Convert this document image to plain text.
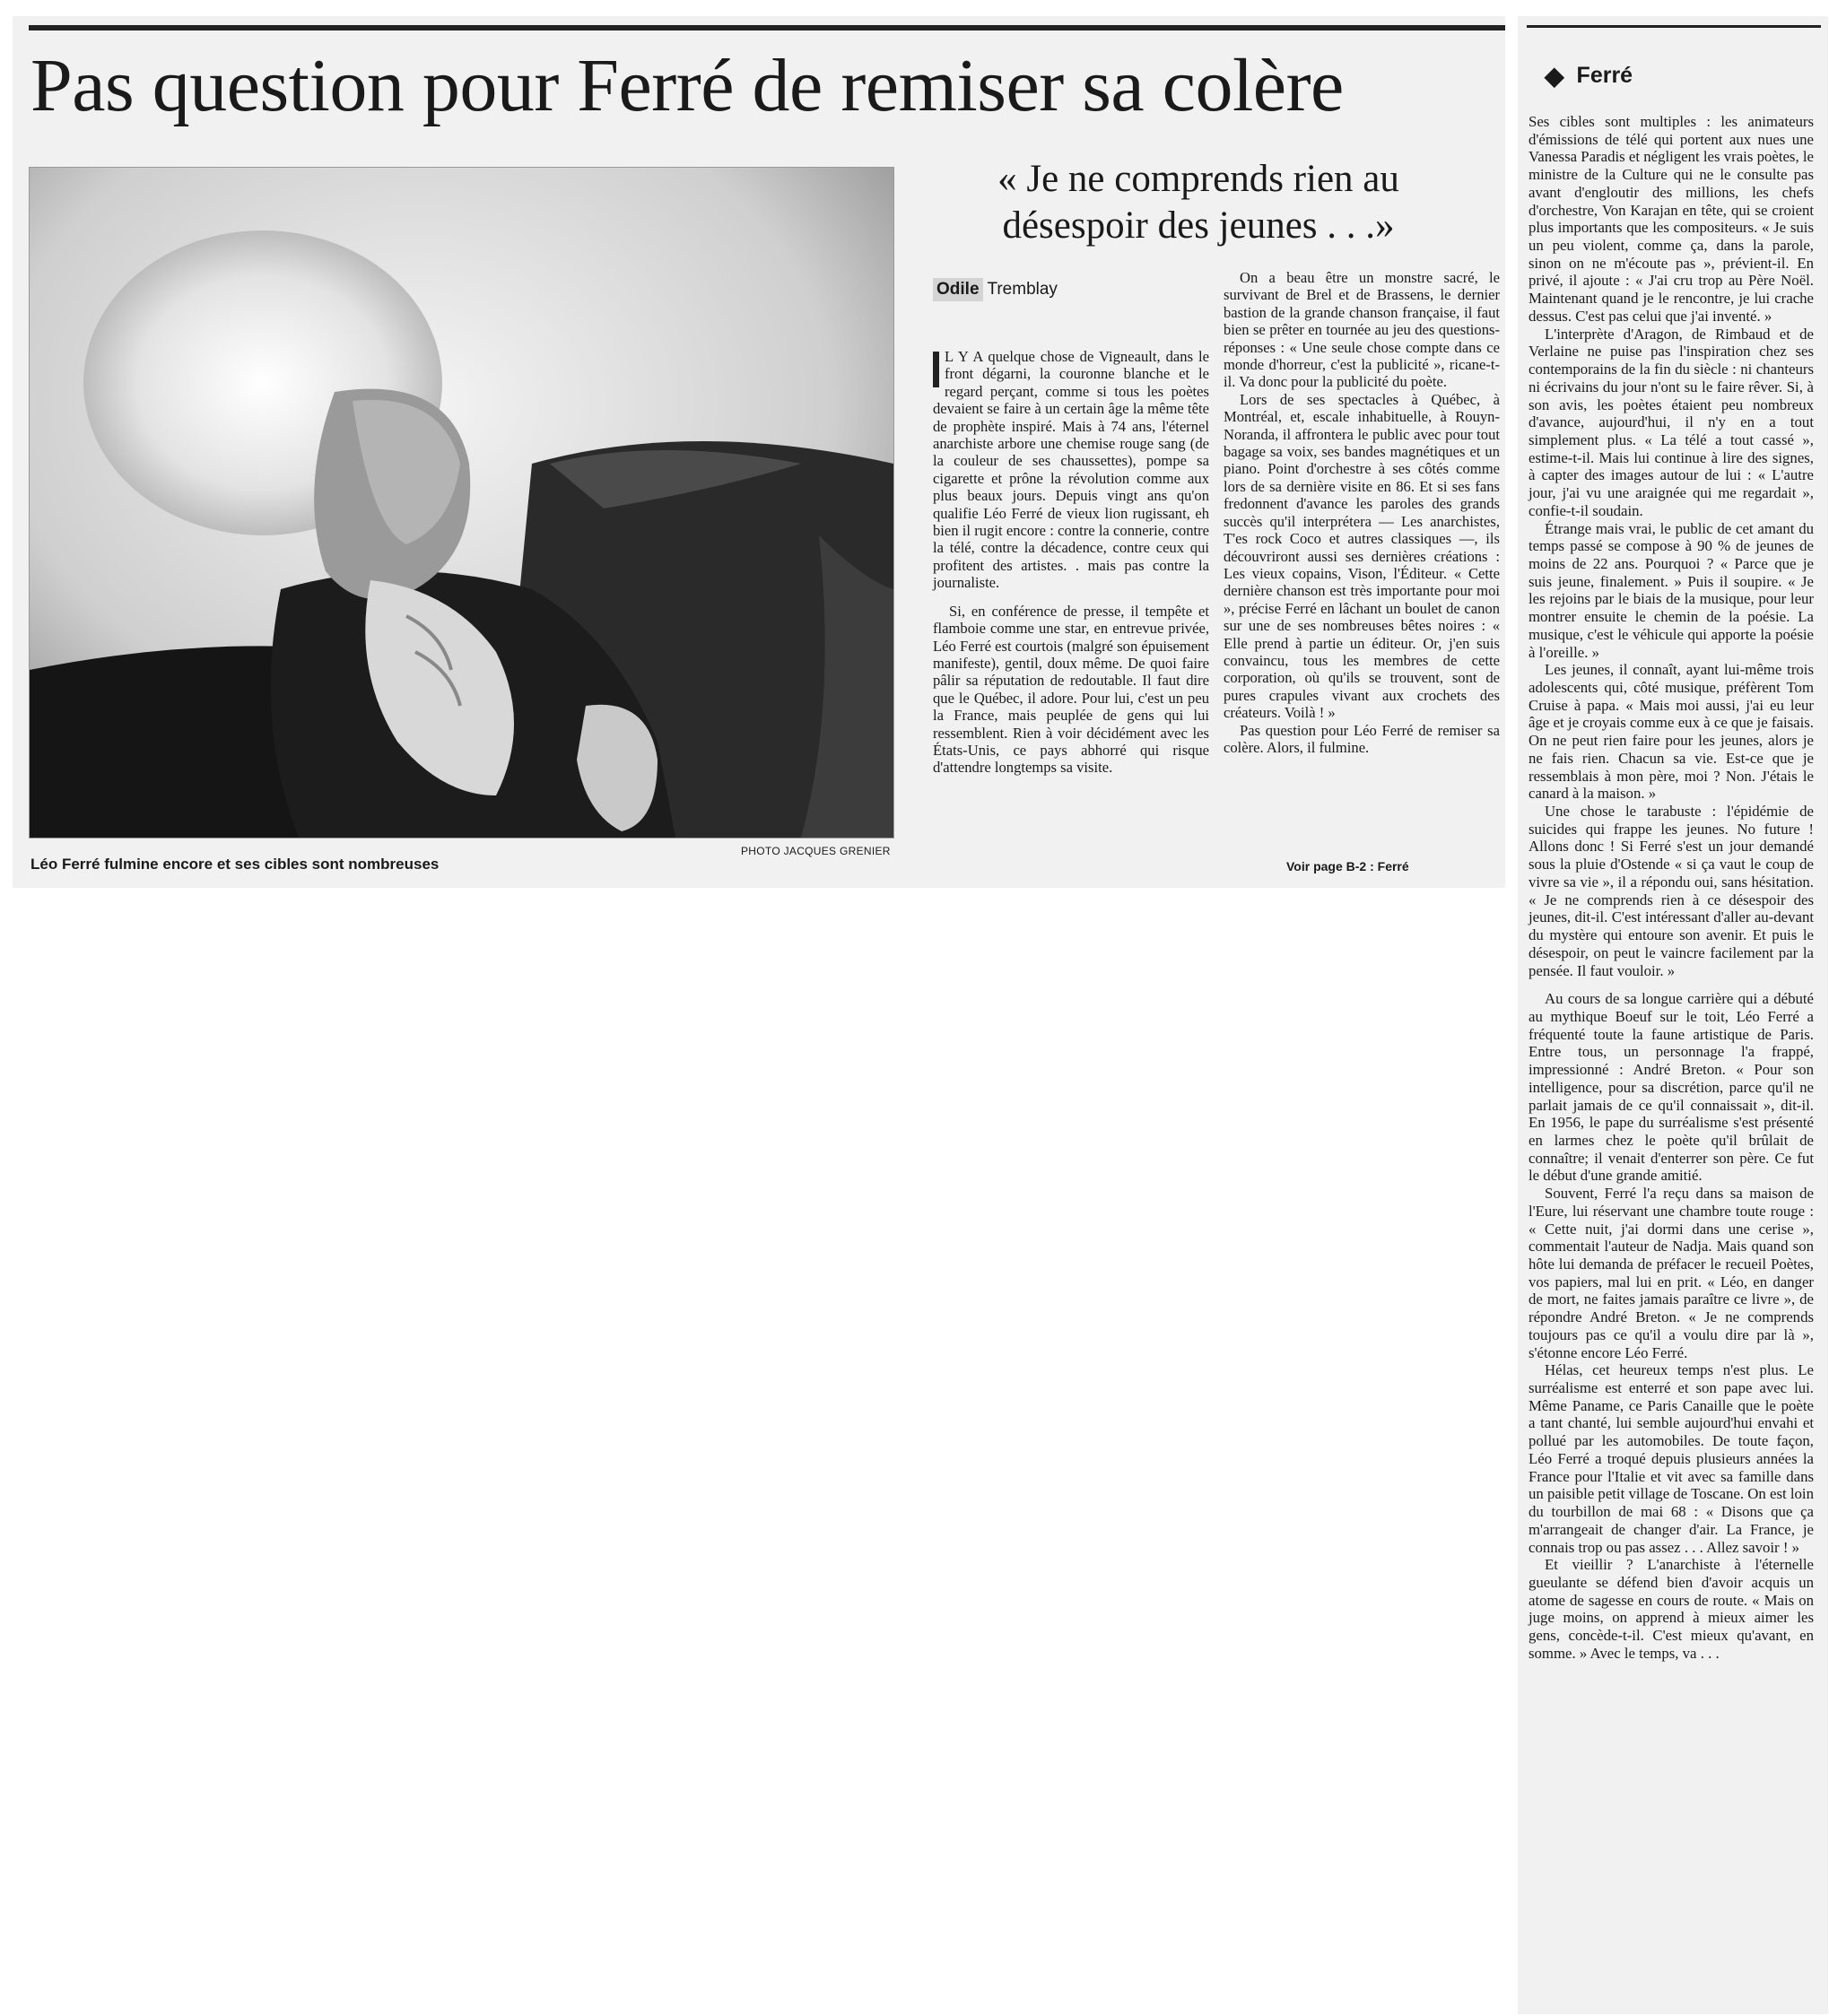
Pas question pour Ferré de remiser sa colère
PHOTO JACQUES GRENIER
Léo Ferré fulmine encore et ses cibles sont nombreuses
« Je ne comprends rien au désespoir des jeunes . . .»
Odile Tremblay

L Y A quelque chose de Vigneault, dans le front dégarni, la couronne blanche et le regard perçant, comme si tous les poètes devaient se faire à un certain âge la même tête de prophète inspiré. Mais à 74 ans, l'éternel anarchiste arbore une chemise rouge sang (de la couleur de ses chaussettes), pompe sa cigarette et prône la révolution comme aux plus beaux jours. Depuis vingt ans qu'on qualifie Léo Ferré de vieux lion rugissant, eh bien il rugit encore : contre la connerie, contre la télé, contre la décadence, contre ceux qui profitent des artistes. . mais pas contre la journaliste.

Si, en conférence de presse, il tempête et flamboie comme une star, en entrevue privée, Léo Ferré est courtois (malgré son épuisement manifeste), gentil, doux même. De quoi faire pâlir sa réputation de redoutable. Il faut dire que le Québec, il adore. Pour lui, c'est un peu la France, mais peuplée de gens qui lui ressemblent. Rien à voir décidément avec les États-Unis, ce pays abhorré qui risque d'attendre longtemps sa visite.

On a beau être un monstre sacré, le survivant de Brel et de Brassens, le dernier bastion de la grande chanson française, il faut bien se prêter en tournée au jeu des questions-réponses : « Une seule chose compte dans ce monde d'horreur, c'est la publicité », ricane-t-il. Va donc pour la publicité du poète.

Lors de ses spectacles à Québec, à Montréal, et, escale inhabituelle, à Rouyn-Noranda, il affrontera le public avec pour tout bagage sa voix, ses bandes magnétiques et un piano. Point d'orchestre à ses côtés comme lors de sa dernière visite en 86. Et si ses fans fredonnent d'avance les paroles des grands succès qu'il interprétera — Les anarchistes, T'es rock Coco et autres classiques —, ils découvriront aussi ses dernières créations : Les vieux copains, Vison, l'Éditeur. « Cette dernière chanson est très importante pour moi », précise Ferré en lâchant un boulet de canon sur une de ses nombreuses bêtes noires : « Elle prend à partie un éditeur. Or, j'en suis convaincu, tous les membres de cette corporation, où qu'ils se trouvent, sont de pures crapules vivant aux crochets des créateurs. Voilà ! »

Pas question pour Léo Ferré de remiser sa colère. Alors, il fulmine.

Voir page B-2 : Ferré
◆ Ferré

Ses cibles sont multiples : les animateurs d'émissions de télé qui portent aux nues une Vanessa Paradis et négligent les vrais poètes, le ministre de la Culture qui ne le consulte pas avant d'engloutir des millions, les chefs d'orchestre, Von Karajan en tête, qui se croient plus importants que les compositeurs. « Je suis un peu violent, comme ça, dans la parole, sinon on ne m'écoute pas », prévient-il. En privé, il ajoute : « J'ai cru trop au Père Noël. Maintenant quand je le rencontre, je lui crache dessus. C'est pas celui que j'ai inventé. »

L'interprète d'Aragon, de Rimbaud et de Verlaine ne puise pas l'inspiration chez ses contemporains de la fin du siècle : ni chanteurs ni écrivains du jour n'ont su le faire rêver. Si, à son avis, les poètes étaient peu nombreux d'avance, aujourd'hui, il n'y en a tout simplement plus. « La télé a tout cassé », estime-t-il. Mais lui continue à lire des signes, à capter des images autour de lui : « L'autre jour, j'ai vu une araignée qui me regardait », confie-t-il soudain.

Étrange mais vrai, le public de cet amant du temps passé se compose à 90 % de jeunes de moins de 22 ans. Pourquoi ? « Parce que je suis jeune, finalement. » Puis il soupire. « Je les rejoins par le biais de la musique, pour leur montrer ensuite le chemin de la poésie. La musique, c'est le véhicule qui apporte la poésie à l'oreille. »

Les jeunes, il connaît, ayant lui-même trois adolescents qui, côté musique, préfèrent Tom Cruise à papa. « Mais moi aussi, j'ai eu leur âge et je croyais comme eux à ce que je faisais. On ne peut rien faire pour les jeunes, alors je ne fais rien. Chacun sa vie. Est-ce que je ressemblais à mon père, moi ? Non. J'étais le canard à la maison. »

Une chose le tarabuste : l'épidémie de suicides qui frappe les jeunes. No future ! Allons donc ! Si Ferré s'est un jour demandé sous la pluie d'Ostende « si ça vaut le coup de vivre sa vie », il a répondu oui, sans hésitation. « Je ne comprends rien à ce désespoir des jeunes, dit-il. C'est intéressant d'aller au-devant du mystère qui entoure son avenir. Et puis le désespoir, on peut le vaincre facilement par la pensée. Il faut vouloir. »

Au cours de sa longue carrière qui a débuté au mythique Boeuf sur le toit, Léo Ferré a fréquenté toute la faune artistique de Paris. Entre tous, un personnage l'a frappé, impressionné : André Breton. « Pour son intelligence, pour sa discrétion, parce qu'il ne parlait jamais de ce qu'il connaissait », dit-il. En 1956, le pape du surréalisme s'est présenté en larmes chez le poète qu'il brûlait de connaître; il venait d'enterrer son père. Ce fut le début d'une grande amitié.

Souvent, Ferré l'a reçu dans sa maison de l'Eure, lui réservant une chambre toute rouge : « Cette nuit, j'ai dormi dans une cerise », commentait l'auteur de Nadja. Mais quand son hôte lui demanda de préfacer le recueil Poètes, vos papiers, mal lui en prit. « Léo, en danger de mort, ne faites jamais paraître ce livre », de répondre André Breton. « Je ne comprends toujours pas ce qu'il a voulu dire par là », s'étonne encore Léo Ferré.

Hélas, cet heureux temps n'est plus. Le surréalisme est enterré et son pape avec lui. Même Paname, ce Paris Canaille que le poète a tant chanté, lui semble aujourd'hui envahi et pollué par les automobiles. De toute façon, Léo Ferré a troqué depuis plusieurs années la France pour l'Italie et vit avec sa famille dans un paisible petit village de Toscane. On est loin du tourbillon de mai 68 : « Disons que ça m'arrangeait de changer d'air. La France, je connais trop ou pas assez . . . Allez savoir ! »

Et vieillir ? L'anarchiste à l'éternelle gueulante se défend bien d'avoir acquis un atome de sagesse en cours de route. « Mais on juge moins, on apprend à mieux aimer les gens, concède-t-il. C'est mieux qu'avant, en somme. » Avec le temps, va . . .
